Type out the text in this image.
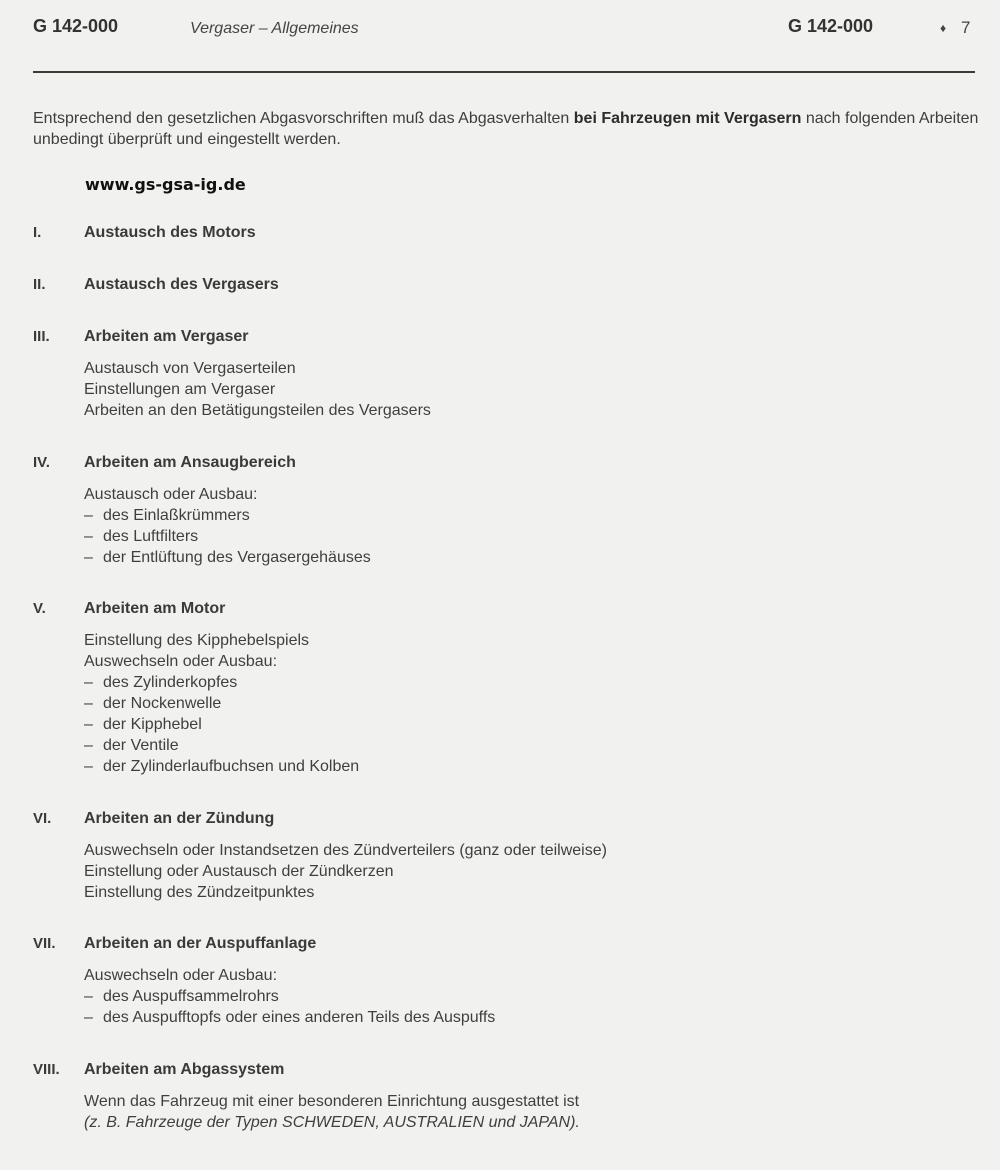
G 142-000	Vergaser – Allgemeines	G 142-000	♦ 7
Entsprechend den gesetzlichen Abgasvorschriften muß das Abgasverhalten bei Fahrzeugen mit Vergasern nach folgenden Arbeiten unbedingt überprüft und eingestellt werden.
www.gs-gsa-ig.de
I.	Austausch des Motors
II. Austausch des Vergasers
III. Arbeiten am Vergaser
Austausch von Vergaserteilen
Einstellungen am Vergaser
Arbeiten an den Betätigungsteilen des Vergasers
IV. Arbeiten am Ansaugbereich
Austausch oder Ausbau:
– des Einlaßkrümmers
– des Luftfilters
– der Entlüftung des Vergasergehäuses
V. Arbeiten am Motor
Einstellung des Kipphebelspiels
Auswechseln oder Ausbau:
– des Zylinderkopfes
– der Nockenwelle
– der Kipphebel
– der Ventile
– der Zylinderlaufbuchsen und Kolben
VI. Arbeiten an der Zündung
Auswechseln oder Instandsetzen des Zündverteilers (ganz oder teilweise)
Einstellung oder Austausch der Zündkerzen
Einstellung des Zündzeitpunktes
VII. Arbeiten an der Auspuffanlage
Auswechseln oder Ausbau:
– des Auspuffsammelrohrs
– des Auspufftopfs oder eines anderen Teils des Auspuffs
VIII. Arbeiten am Abgassystem
Wenn das Fahrzeug mit einer besonderen Einrichtung ausgestattet ist
(z. B. Fahrzeuge der Typen SCHWEDEN, AUSTRALIEN und JAPAN).
